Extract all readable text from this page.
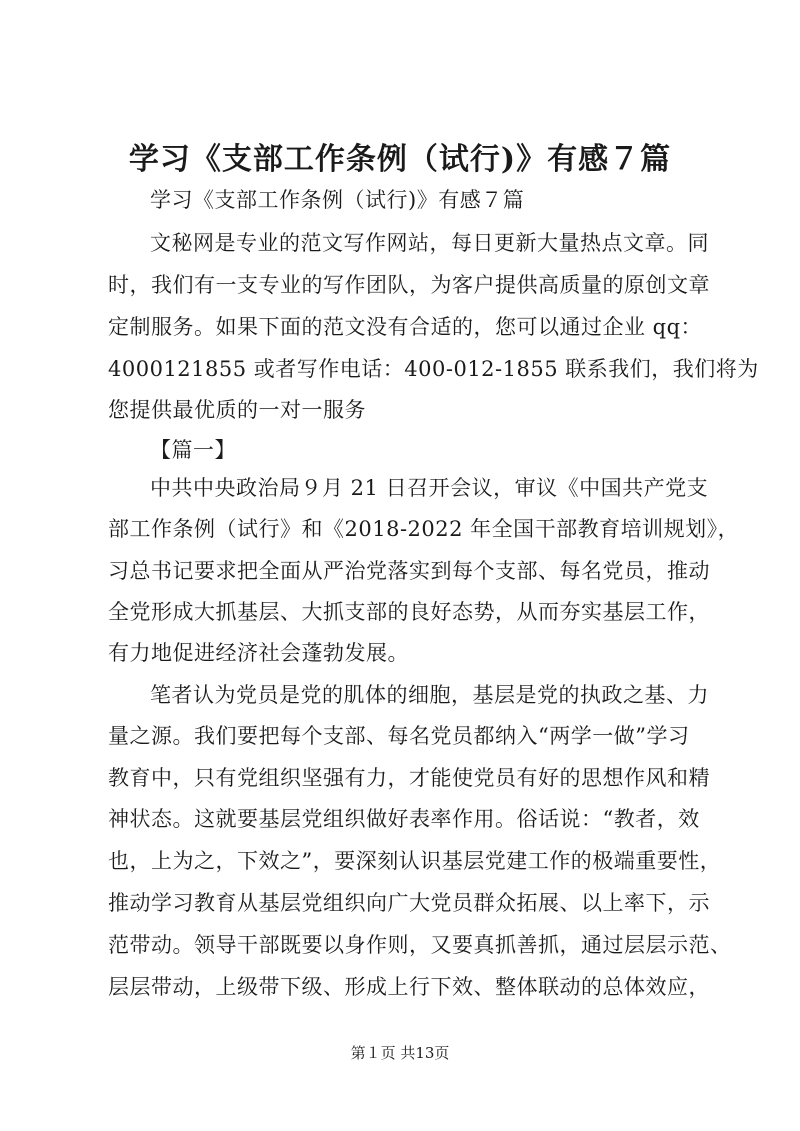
学习《支部工作条例（试行)》有感７篇
学习《支部工作条例（试行)》有感７篇
文秘网是专业的范文写作网站，每日更新大量热点文章。同
时，我们有一支专业的写作团队，为客户提供高质量的原创文章
定制服务。如果下面的范文没有合适的，您可以通过企业 qq：
4000121855 或者写作电话：400-012-1855 联系我们，我们将为
您提供最优质的一对一服务
【篇一】
中共中央政治局９月 21 日召开会议，审议《中国共产党支
部工作条例（试行》和《2018-2022 年全国干部教育培训规划》，
习总书记要求把全面从严治党落实到每个支部、每名党员，推动
全党形成大抓基层、大抓支部的良好态势，从而夯实基层工作，
有力地促进经济社会蓬勃发展。
笔者认为党员是党的肌体的细胞，基层是党的执政之基、力
量之源。我们要把每个支部、每名党员都纳入“两学一做”学习
教育中，只有党组织坚强有力，才能使党员有好的思想作风和精
神状态。这就要基层党组织做好表率作用。俗话说：“教者，效
也，上为之，下效之”，要深刻认识基层党建工作的极端重要性，
推动学习教育从基层党组织向广大党员群众拓展、以上率下，示
范带动。领导干部既要以身作则，又要真抓善抓，通过层层示范、
层层带动，上级带下级、形成上行下效、整体联动的总体效应，
第１页 共13页
